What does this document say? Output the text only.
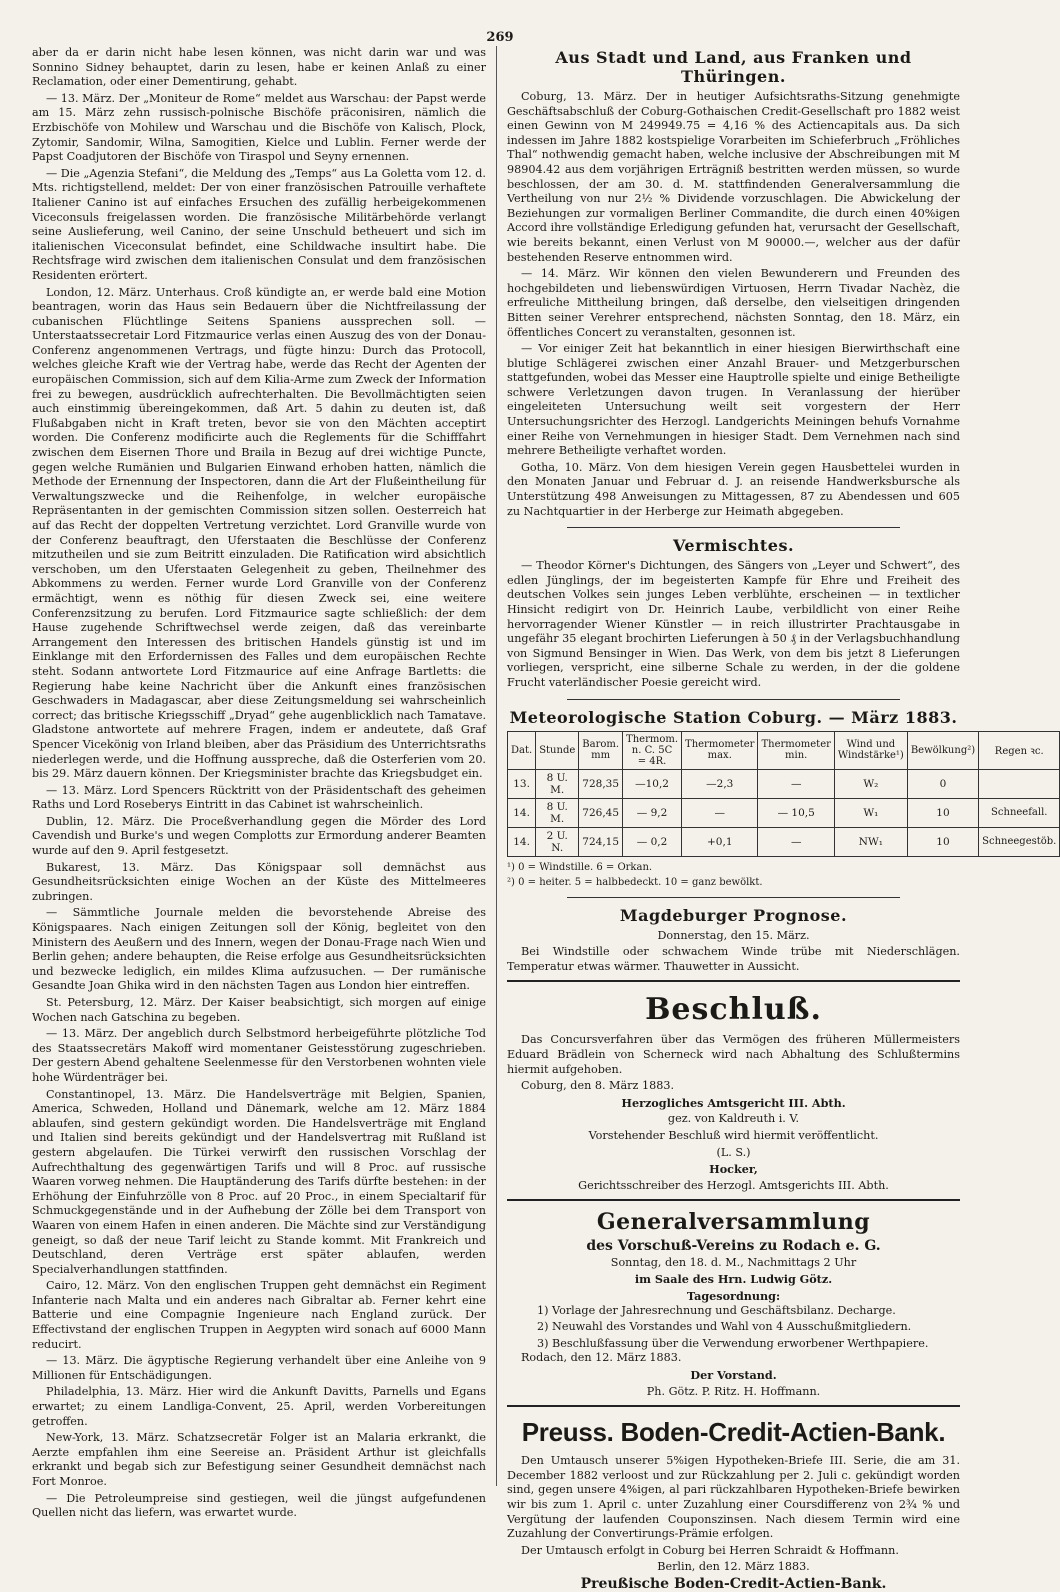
269

aber da er darin nicht habe lesen können, was nicht darin war und was Sonnino Sidney behauptet, darin zu lesen, habe er keinen Anlaß zu einer Reclamation, oder einer Dementirung, gehabt.

— 13. März. Der „Moniteur de Rome“ meldet aus Warschau: der Papst werde am 15. März zehn russisch-polnische Bischöfe präconisiren, nämlich die Erzbischöfe von Mohilew und Warschau und die Bischöfe von Kalisch, Plock, Zytomir, Sandomir, Wilna, Samogitien, Kielce und Lublin. Ferner werde der Papst Coadjutoren der Bischöfe von Tiraspol und Seyny ernennen.

— Die „Agenzia Stefani“, die Meldung des „Temps“ aus La Goletta vom 12. d. Mts. richtigstellend, meldet: Der von einer französischen Patrouille verhaftete Italiener Canino ist auf einfaches Ersuchen des zufällig herbeigekommenen Viceconsuls freigelassen worden. Die französische Militärbehörde verlangt seine Auslieferung, weil Canino, der seine Unschuld betheuert und sich im italienischen Viceconsulat befindet, eine Schildwache insultirt habe. Die Rechtsfrage wird zwischen dem italienischen Consulat und dem französischen Residenten erörtert.

London, 12. März. Unterhaus. Croß kündigte an, er werde bald eine Motion beantragen, worin das Haus sein Bedauern über die Nichtfreilassung der cubanischen Flüchtlinge Seitens Spaniens aussprechen soll. — Unterstaatssecretair Lord Fitzmaurice verlas einen Auszug des von der Donau-Conferenz angenommenen Vertrags, und fügte hinzu: Durch das Protocoll, welches gleiche Kraft wie der Vertrag habe, werde das Recht der Agenten der europäischen Commission, sich auf dem Kilia-Arme zum Zweck der Information frei zu bewegen, ausdrücklich aufrechterhalten. Die Bevollmächtigten seien auch einstimmig übereingekommen, daß Art. 5 dahin zu deuten ist, daß Flußabgaben nicht in Kraft treten, bevor sie von den Mächten acceptirt worden. Die Conferenz modificirte auch die Reglements für die Schifffahrt zwischen dem Eisernen Thore und Braila in Bezug auf drei wichtige Puncte, gegen welche Rumänien und Bulgarien Einwand erhoben hatten, nämlich die Methode der Ernennung der Inspectoren, dann die Art der Flußeintheilung für Verwaltungszwecke und die Reihenfolge, in welcher europäische Repräsentanten in der gemischten Commission sitzen sollen. Oesterreich hat auf das Recht der doppelten Vertretung verzichtet. Lord Granville wurde von der Conferenz beauftragt, den Uferstaaten die Beschlüsse der Conferenz mitzutheilen und sie zum Beitritt einzuladen. Die Ratification wird absichtlich verschoben, um den Uferstaaten Gelegenheit zu geben, Theilnehmer des Abkommens zu werden. Ferner wurde Lord Granville von der Conferenz ermächtigt, wenn es nöthig für diesen Zweck sei, eine weitere Conferenzsitzung zu berufen. Lord Fitzmaurice sagte schließlich: der dem Hause zugehende Schriftwechsel werde zeigen, daß das vereinbarte Arrangement den Interessen des britischen Handels günstig ist und im Einklange mit den Erfordernissen des Falles und dem europäischen Rechte steht. Sodann antwortete Lord Fitzmaurice auf eine Anfrage Bartletts: die Regierung habe keine Nachricht über die Ankunft eines französischen Geschwaders in Madagascar, aber diese Zeitungsmeldung sei wahrscheinlich correct; das britische Kriegsschiff „Dryad“ gehe augenblicklich nach Tamatave. Gladstone antwortete auf mehrere Fragen, indem er andeutete, daß Graf Spencer Vicekönig von Irland bleiben, aber das Präsidium des Unterrichtsraths niederlegen werde, und die Hoffnung ausspreche, daß die Osterferien vom 20. bis 29. März dauern können. Der Kriegsminister brachte das Kriegsbudget ein.

— 13. März. Lord Spencers Rücktritt von der Präsidentschaft des geheimen Raths und Lord Roseberys Eintritt in das Cabinet ist wahrscheinlich.

Dublin, 12. März. Die Proceßverhandlung gegen die Mörder des Lord Cavendish und Burke's und wegen Complotts zur Ermordung anderer Beamten wurde auf den 9. April festgesetzt.

Bukarest, 13. März. Das Königspaar soll demnächst aus Gesundheitsrücksichten einige Wochen an der Küste des Mittelmeeres zubringen.

— Sämmtliche Journale melden die bevorstehende Abreise des Königspaares. Nach einigen Zeitungen soll der König, begleitet von den Ministern des Aeußern und des Innern, wegen der Donau-Frage nach Wien und Berlin gehen; andere behaupten, die Reise erfolge aus Gesundheitsrücksichten und bezwecke lediglich, ein mildes Klima aufzusuchen. — Der rumänische Gesandte Joan Ghika wird in den nächsten Tagen aus London hier eintreffen.

St. Petersburg, 12. März. Der Kaiser beabsichtigt, sich morgen auf einige Wochen nach Gatschina zu begeben.

— 13. März. Der angeblich durch Selbstmord herbeigeführte plötzliche Tod des Staatssecretärs Makoff wird momentaner Geistesstörung zugeschrieben. Der gestern Abend gehaltene Seelenmesse für den Verstorbenen wohnten viele hohe Würdenträger bei.

Constantinopel, 13. März. Die Handelsverträge mit Belgien, Spanien, America, Schweden, Holland und Dänemark, welche am 12. März 1884 ablaufen, sind gestern gekündigt worden. Die Handelsverträge mit England und Italien sind bereits gekündigt und der Handelsvertrag mit Rußland ist gestern abgelaufen. Die Türkei verwirft den russischen Vorschlag der Aufrechthaltung des gegenwärtigen Tarifs und will 8 Proc. auf russische Waaren vorweg nehmen. Die Hauptänderung des Tarifs dürfte bestehen: in der Erhöhung der Einfuhrzölle von 8 Proc. auf 20 Proc., in einem Specialtarif für Schmuckgegenstände und in der Aufhebung der Zölle bei dem Transport von Waaren von einem Hafen in einen anderen. Die Mächte sind zur Verständigung geneigt, so daß der neue Tarif leicht zu Stande kommt. Mit Frankreich und Deutschland, deren Verträge erst später ablaufen, werden Specialverhandlungen stattfinden.

Cairo, 12. März. Von den englischen Truppen geht demnächst ein Regiment Infanterie nach Malta und ein anderes nach Gibraltar ab. Ferner kehrt eine Batterie und eine Compagnie Ingenieure nach England zurück. Der Effectivstand der englischen Truppen in Aegypten wird sonach auf 6000 Mann reducirt.

— 13. März. Die ägyptische Regierung verhandelt über eine Anleihe von 9 Millionen für Entschädigungen.

Philadelphia, 13. März. Hier wird die Ankunft Davitts, Parnells und Egans erwartet; zu einem Landliga-Convent, 25. April, werden Vorbereitungen getroffen.

New-York, 13. März. Schatzsecretär Folger ist an Malaria erkrankt, die Aerzte empfahlen ihm eine Seereise an. Präsident Arthur ist gleichfalls erkrankt und begab sich zur Befestigung seiner Gesundheit demnächst nach Fort Monroe.

— Die Petroleumpreise sind gestiegen, weil die jüngst aufgefundenen Quellen nicht das liefern, was erwartet wurde.

Aus Stadt und Land, aus Franken und Thüringen.

Coburg, 13. März. Der in heutiger Aufsichtsraths-Sitzung genehmigte Geschäftsabschluß der Coburg-Gothaischen Credit-Gesellschaft pro 1882 weist einen Gewinn von M 249949.75 = 4,16 % des Actiencapitals aus. Da sich indessen im Jahre 1882 kostspielige Vorarbeiten im Schieferbruch „Fröhliches Thal“ nothwendig gemacht haben, welche inclusive der Abschreibungen mit M 98904.42 aus dem vorjährigen Erträgniß bestritten werden müssen, so wurde beschlossen, der am 30. d. M. stattfindenden Generalversammlung die Vertheilung von nur 2½ % Dividende vorzuschlagen. Die Abwickelung der Beziehungen zur vormaligen Berliner Commandite, die durch einen 40%igen Accord ihre vollständige Erledigung gefunden hat, verursacht der Gesellschaft, wie bereits bekannt, einen Verlust von M 90000.—, welcher aus der dafür bestehenden Reserve entnommen wird.

— 14. März. Wir können den vielen Bewunderern und Freunden des hochgebildeten und liebenswürdigen Virtuosen, Herrn Tivadar Nachèz, die erfreuliche Mittheilung bringen, daß derselbe, den vielseitigen dringenden Bitten seiner Verehrer entsprechend, nächsten Sonntag, den 18. März, ein öffentliches Concert zu veranstalten, gesonnen ist.

— Vor einiger Zeit hat bekanntlich in einer hiesigen Bierwirthschaft eine blutige Schlägerei zwischen einer Anzahl Brauer- und Metzgerburschen stattgefunden, wobei das Messer eine Hauptrolle spielte und einige Betheiligte schwere Verletzungen davon trugen. In Veranlassung der hierüber eingeleiteten Untersuchung weilt seit vorgestern der Herr Untersuchungsrichter des Herzogl. Landgerichts Meiningen behufs Vornahme einer Reihe von Vernehmungen in hiesiger Stadt. Dem Vernehmen nach sind mehrere Betheiligte verhaftet worden.

Gotha, 10. März. Von dem hiesigen Verein gegen Hausbettelei wurden in den Monaten Januar und Februar d. J. an reisende Handwerksbursche als Unterstützung 498 Anweisungen zu Mittagessen, 87 zu Abendessen und 605 zu Nachtquartier in der Herberge zur Heimath abgegeben.

Vermischtes.

— Theodor Körner's Dichtungen, des Sängers von „Leyer und Schwert“, des edlen Jünglings, der im begeisterten Kampfe für Ehre und Freiheit des deutschen Volkes sein junges Leben verblühte, erscheinen — in textlicher Hinsicht redigirt von Dr. Heinrich Laube, verbildlicht von einer Reihe hervorragender Wiener Künstler — in reich illustrirter Prachtausgabe in ungefähr 35 elegant brochirten Lieferungen à 50 ₰ in der Verlagsbuchhandlung von Sigmund Bensinger in Wien. Das Werk, von dem bis jetzt 8 Lieferungen vorliegen, verspricht, eine silberne Schale zu werden, in der die goldene Frucht vaterländischer Poesie gereicht wird.

Meteorologische Station Coburg. — März 1883.
Dat.	Stunde	Barom. mm	Thermom. n. C. 5C = 4R.	Thermometer max.	Thermometer min.	Wind und Windstärke¹)	Bewölkung²)	Regen ꝛc.
13.	8 U. M.	728,35	—10,2	—2,3	—	W₂	0	
14.	8 U. M.	726,45	— 9,2	—	— 10,5	W₁	10	Schneefall.
14.	2 U. N.	724,15	— 0,2	+0,1	—	NW₁	10	Schneegestöb.

¹) 0 = Windstille. 6 = Orkan.

²) 0 = heiter. 5 = halbbedeckt. 10 = ganz bewölkt.

Magdeburger Prognose.

Donnerstag, den 15. März.

Bei Windstille oder schwachem Winde trübe mit Niederschlägen. Temperatur etwas wärmer. Thauwetter in Aussicht.

Beschluß.

Das Concursverfahren über das Vermögen des früheren Müllermeisters Eduard Brädlein von Scherneck wird nach Abhaltung des Schlußtermins hiermit aufgehoben.

Coburg, den 8. März 1883.

Herzogliches Amtsgericht III. Abth.

gez. von Kaldreuth i. V.

Vorstehender Beschluß wird hiermit veröffentlicht.

(L. S.)

Hocker,

Gerichtsschreiber des Herzogl. Amtsgerichts III. Abth.

Generalversammlung

des Vorschuß-Vereins zu Rodach e. G.

Sonntag, den 18. d. M., Nachmittags 2 Uhr

im Saale des Hrn. Ludwig Götz.

Tagesordnung:

1) Vorlage der Jahresrechnung und Geschäftsbilanz. Decharge.

2) Neuwahl des Vorstandes und Wahl von 4 Ausschußmitgliedern.

3) Beschlußfassung über die Verwendung erworbener Werthpapiere.

Rodach, den 12. März 1883.

Der Vorstand.

Ph. Götz. P. Ritz. H. Hoffmann.

Preuss. Boden-Credit-Actien-Bank.

Den Umtausch unserer 5%igen Hypotheken-Briefe III. Serie, die am 31. December 1882 verloost und zur Rückzahlung per 2. Juli c. gekündigt worden sind, gegen unsere 4%igen, al pari rückzahlbaren Hypotheken-Briefe bewirken wir bis zum 1. April c. unter Zuzahlung einer Coursdifferenz von 2¾ % und Vergütung der laufenden Couponszinsen. Nach diesem Termin wird eine Zuzahlung der Convertirungs-Prämie erfolgen.

Der Umtausch erfolgt in Coburg bei Herren Schraidt & Hoffmann.

Berlin, den 12. März 1883.

Preußische Boden-Credit-Actien-Bank.
